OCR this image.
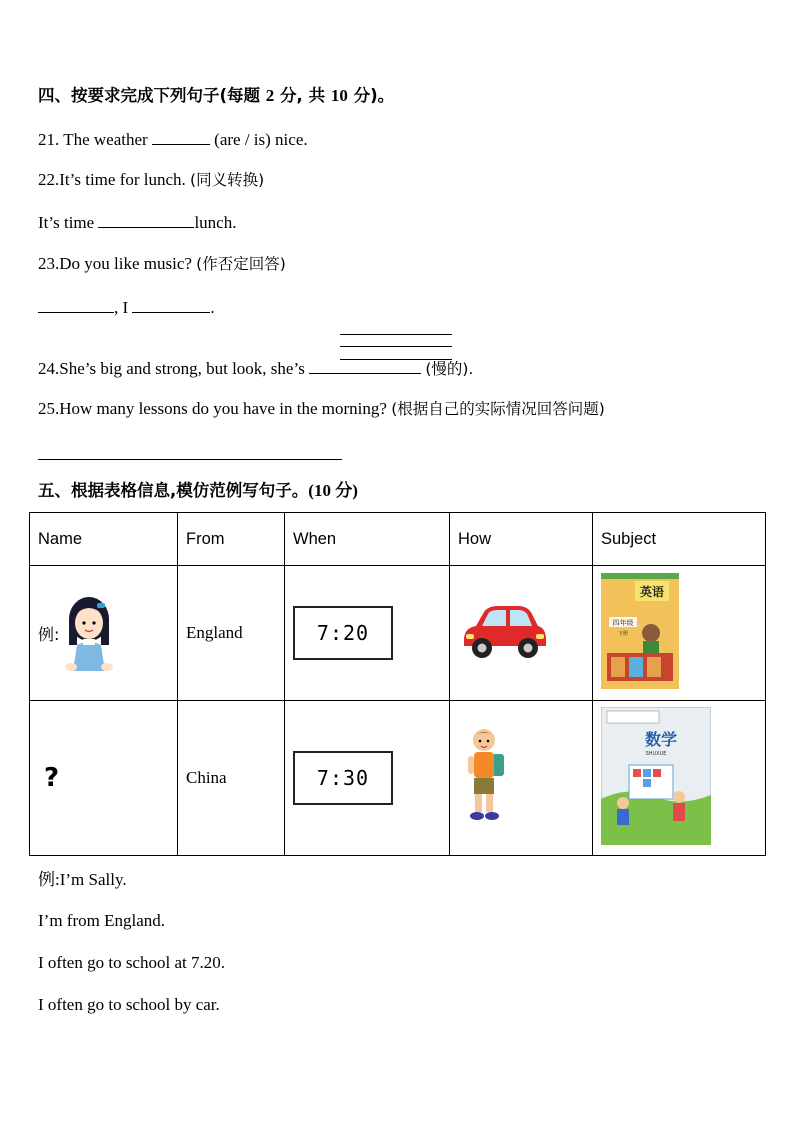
四、按要求完成下列句子(每题 2 分, 共 10 分)。
21. The weather	(are / is) nice.
22.It’s time for lunch. (同义转换)
It’s time	lunch.
23.Do you like music? (作否定回答)
, I	.
24.She’s big and strong, but look, she’s	(慢的).
25.How many lessons do you have in the morning? (根据自己的实际情况回答问题)
五、根据表格信息,模仿范例写句子。(10 分)
Name	From	When	How	Subject

例:	England	7:20		英语
四年级
下册

?	China	7:30		数学
SHUXUE
例:I’m Sally.
I’m from England.
I often go to school at 7.20.
I often go to school by car.
